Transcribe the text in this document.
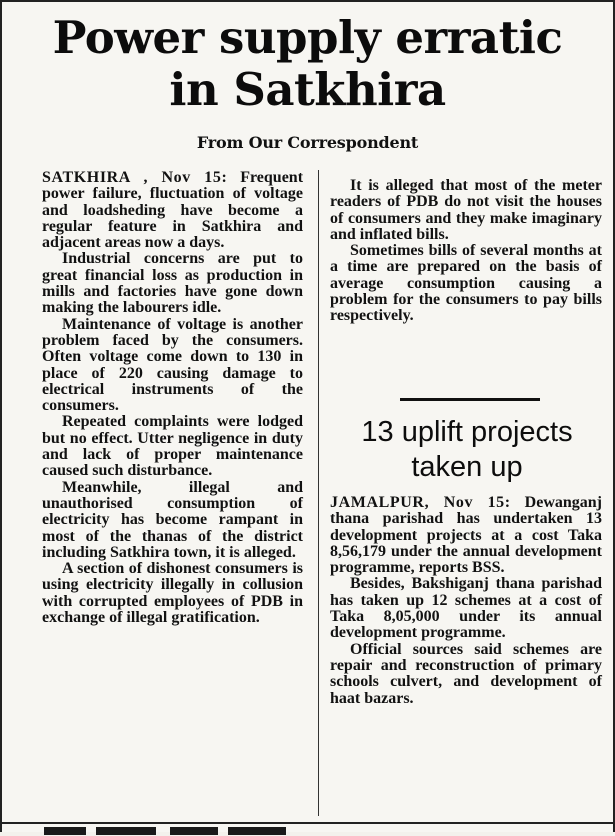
Power supply erratic
in Satkhira
From Our Correspondent

SATKHIRA , Nov 15: Frequent power failure, fluctuation of voltage and loadsheding have become a regular feature in Satkhira and adjacent areas now a days.

Industrial concerns are put to great financial loss as production in mills and factories have gone down making the labourers idle.

Maintenance of voltage is another problem faced by the consumers. Often voltage come down to 130 in place of 220 causing damage to electrical instruments of the consumers.

Repeated complaints were lodged but no effect. Utter negligence in duty and lack of proper maintenance caused such disturbance.

Meanwhile, illegal and unauthorised consumption of electricity has become rampant in most of the thanas of the district including Satkhira town, it is alleged.

A section of dishonest consumers is using electricity illegally in collusion with corrupted employees of PDB in exchange of illegal gratification.

It is alleged that most of the meter readers of PDB do not visit the houses of consumers and they make imaginary and inflated bills.

Sometimes bills of several months at a time are prepared on the basis of average consumption causing a problem for the consumers to pay bills respectively.

13 uplift projects
taken up

JAMALPUR, Nov 15: Dewanganj thana parishad has undertaken 13 development projects at a cost Taka 8,56,179 under the annual development programme, reports BSS.

Besides, Bakshiganj thana parishad has taken up 12 schemes at a cost of Taka 8,05,000 under its annual development programme.

Official sources said schemes are repair and reconstruction of primary schools culvert, and development of haat bazars.
